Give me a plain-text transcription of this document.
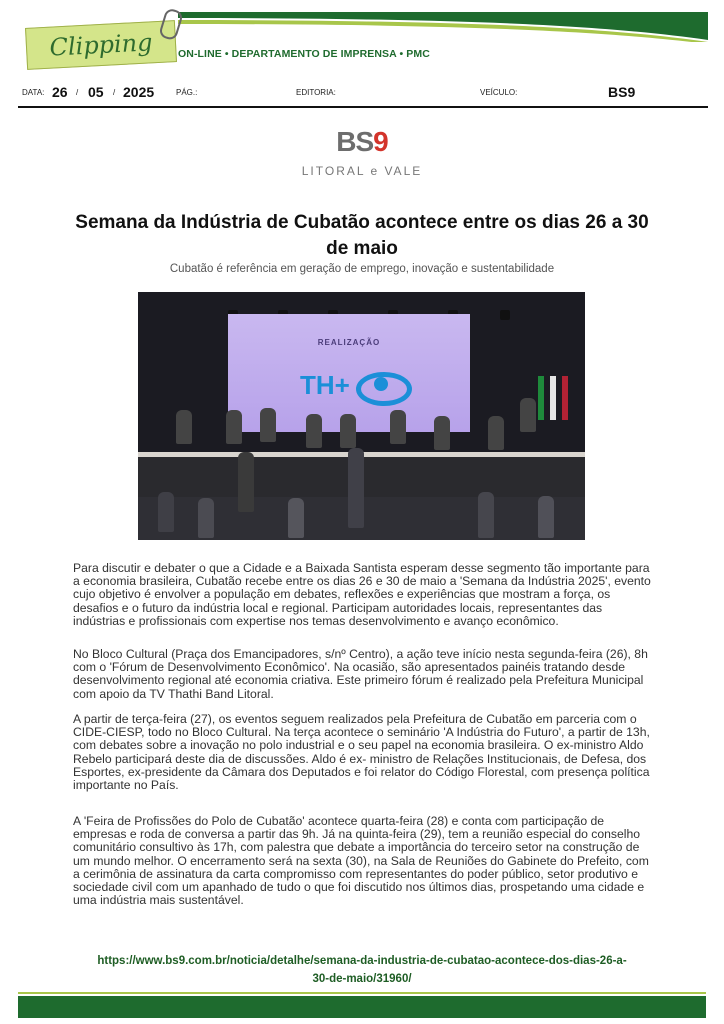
Clipping ON-LINE • DEPARTAMENTO DE IMPRENSA • PMC
DATA: 26 / 05 / 2025	PÁG.:	EDITORIA:	VEÍCULO:	BS9
BS9
LITORAL e VALE
Semana da Indústria de Cubatão acontece entre os dias 26 a 30 de maio
Cubatão é referência em geração de emprego, inovação e sustentabilidade
REALIZAÇÃO
TH+
Para discutir e debater o que a Cidade e a Baixada Santista esperam desse segmento tão importante para a economia brasileira, Cubatão recebe entre os dias 26 e 30 de maio a 'Semana da Indústria 2025', evento cujo objetivo é envolver a população em debates, reflexões e experiências que mostram a força, os desafios e o futuro da indústria local e regional. Participam autoridades locais, representantes das indústrias e profissionais com expertise nos temas desenvolvimento e avanço econômico.
No Bloco Cultural (Praça dos Emancipadores, s/nº Centro), a ação teve início nesta segunda-feira (26), 8h com o 'Fórum de Desenvolvimento Econômico'. Na ocasião, são apresentados painéis tratando desde desenvolvimento regional até economia criativa. Este primeiro fórum é realizado pela Prefeitura Municipal com apoio da TV Thathi Band Litoral.
A partir de terça-feira (27), os eventos seguem realizados pela Prefeitura de Cubatão em parceria com o CIDE-CIESP, todo no Bloco Cultural. Na terça acontece o seminário 'A Indústria do Futuro', a partir de 13h, com debates sobre a inovação no polo industrial e o seu papel na economia brasileira. O ex-ministro Aldo Rebelo participará deste dia de discussões. Aldo é ex- ministro de Relações Institucionais, de Defesa, dos Esportes, ex-presidente da Câmara dos Deputados e foi relator do Código Florestal, com presença política importante no País.
A 'Feira de Profissões do Polo de Cubatão' acontece quarta-feira (28) e conta com participação de empresas e roda de conversa a partir das 9h. Já na quinta-feira (29), tem a reunião especial do conselho comunitário consultivo às 17h, com palestra que debate a importância do terceiro setor na construção de um mundo melhor. O encerramento será na sexta (30), na Sala de Reuniões do Gabinete do Prefeito, com a cerimônia de assinatura da carta compromisso com representantes do poder público, setor produtivo e sociedade civil com um apanhado de tudo o que foi discutido nos últimos dias, prospetando uma cidade e uma indústria mais sustentável.
https://www.bs9.com.br/noticia/detalhe/semana-da-industria-de-cubatao-acontece-dos-dias-26-a-
30-de-maio/31960/
